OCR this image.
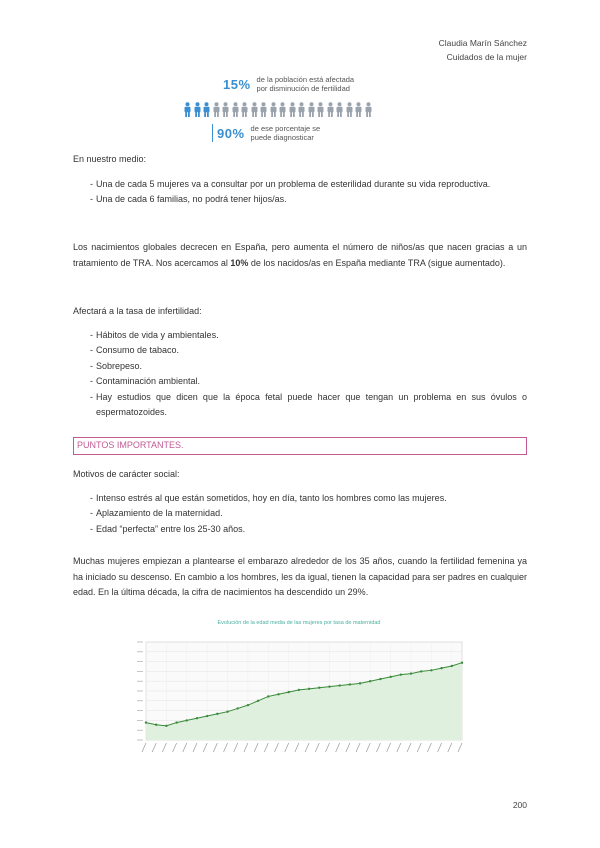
Claudia Marín Sánchez
Cuidados de la mujer
15% de la población está afectada
por disminución de fertilidad
90% de ese porcentaje se
puede diagnosticar

En nuestro medio:

- Una de cada 5 mujeres va a consultar por un problema de esterilidad durante su vida reproductiva.
- Una de cada 6 familias, no podrá tener hijos/as.

Los nacimientos globales decrecen en España, pero aumenta el número de niños/as que nacen gracias a un tratamiento de TRA. Nos acercamos al 10% de los nacidos/as en España mediante TRA (sigue aumentado).

Afectará a la tasa de infertilidad:

- Hábitos de vida y ambientales.
- Consumo de tabaco.
- Sobrepeso.
- Contaminación ambiental.
- Hay estudios que dicen que la época fetal puede hacer que tengan un problema en sus óvulos o espermatozoides.
PUNTOS IMPORTANTES.

Motivos de carácter social:

- Intenso estrés al que están sometidos, hoy en día, tanto los hombres como las mujeres.
- Aplazamiento de la maternidad.
- Edad “perfecta” entre los 25-30 años.

Muchas mujeres empiezan a plantearse el embarazo alrededor de los 35 años, cuando la fertilidad femenina ya ha iniciado su descenso. En cambio a los hombres, les da igual, tienen la capacidad para ser padres en cualquier edad. En la última década, la cifra de nacimientos ha descendido un 29%.

Evolución de la edad media de las mujeres por tasa de maternidad
200
